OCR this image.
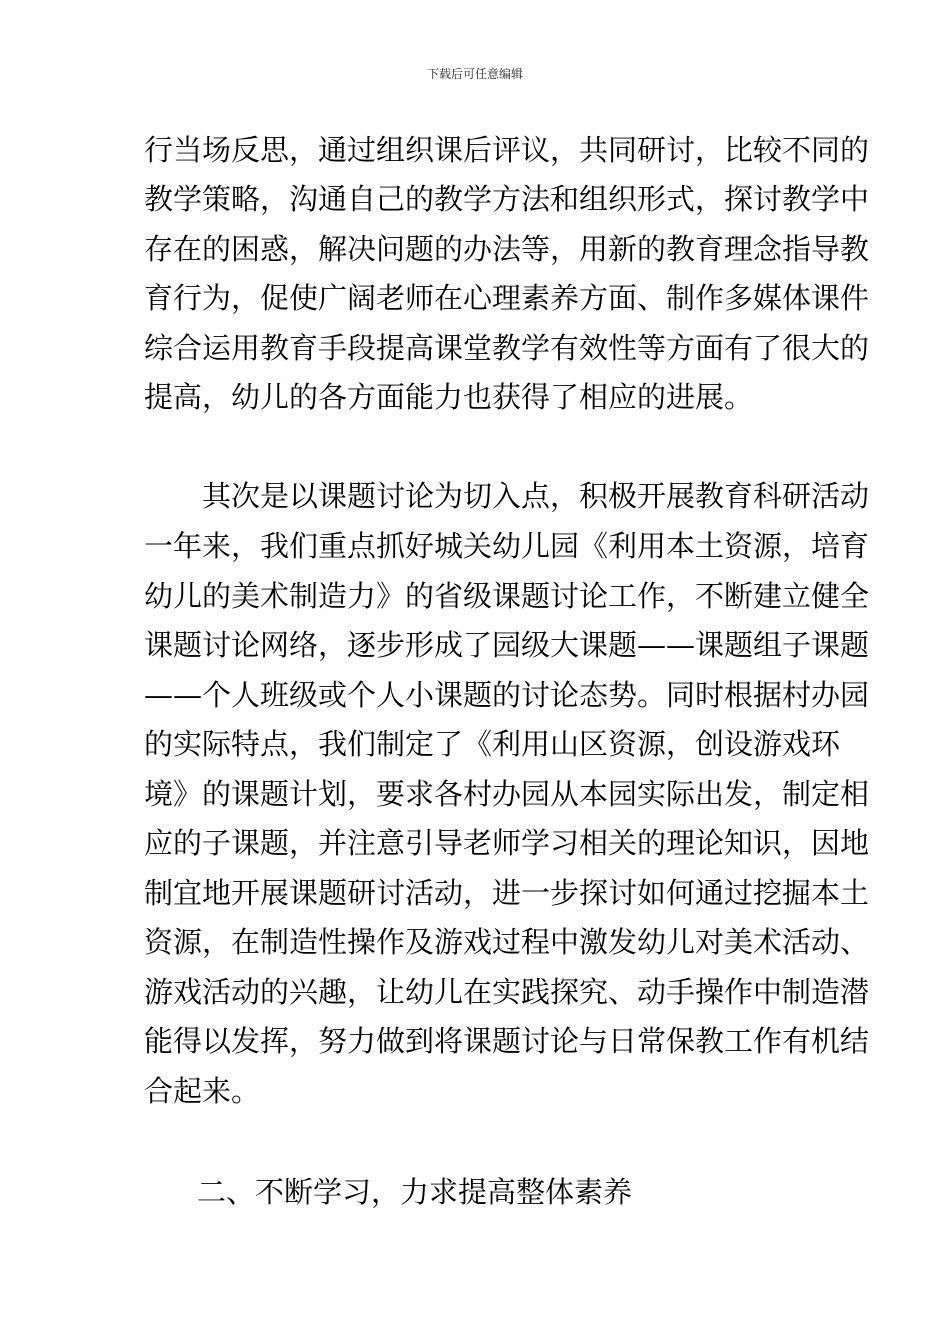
下载后可任意编辑
行当场反思，通过组织课后评议，共同研讨，比较不同的
教学策略，沟通自己的教学方法和组织形式，探讨教学中
存在的困惑，解决问题的办法等，用新的教育理念指导教
育行为，促使广阔老师在心理素养方面、制作多媒体课件
综合运用教育手段提高课堂教学有效性等方面有了很大的
提高，幼儿的各方面能力也获得了相应的进展。
其次是以课题讨论为切入点，积极开展教育科研活动
一年来，我们重点抓好城关幼儿园《利用本土资源，培育
幼儿的美术制造力》的省级课题讨论工作，不断建立健全
课题讨论网络，逐步形成了园级大课题——课题组子课题
——个人班级或个人小课题的讨论态势。同时根据村办园
的实际特点，我们制定了《利用山区资源，创设游戏环
境》的课题计划，要求各村办园从本园实际出发，制定相
应的子课题，并注意引导老师学习相关的理论知识，因地
制宜地开展课题研讨活动，进一步探讨如何通过挖掘本土
资源，在制造性操作及游戏过程中激发幼儿对美术活动、
游戏活动的兴趣，让幼儿在实践探究、动手操作中制造潜
能得以发挥，努力做到将课题讨论与日常保教工作有机结
合起来。
二、不断学习，力求提高整体素养
